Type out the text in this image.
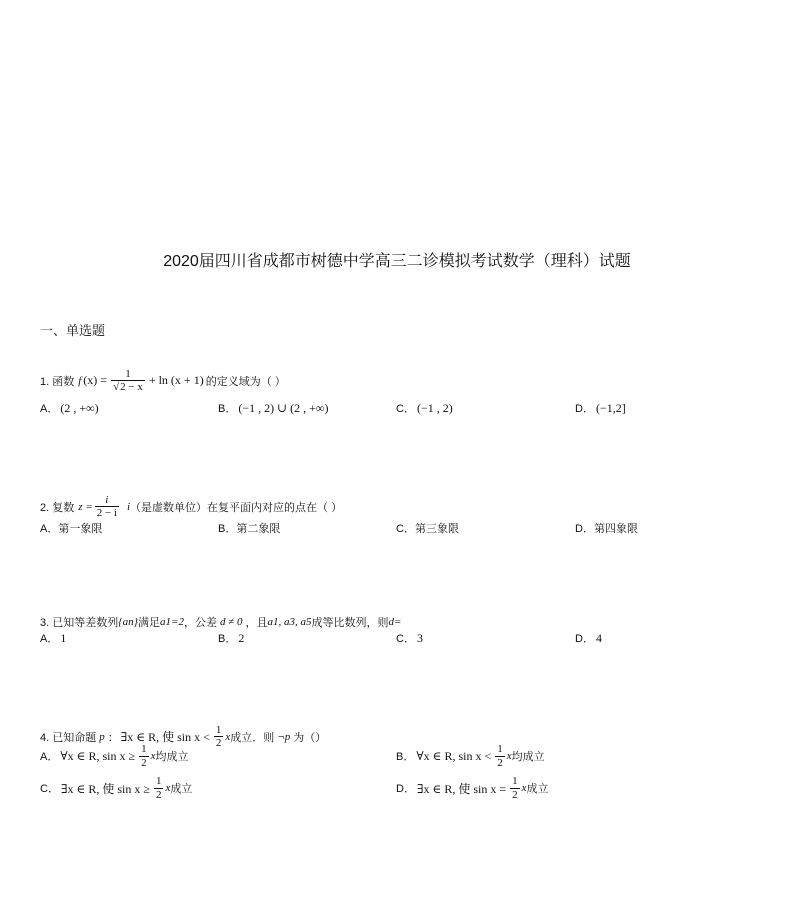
2020届四川省成都市树德中学高三二诊模拟考试数学（理科）试题
一、单选题
1. 函数 f $(x) = \frac{1}{√2 - x} + \ln (x + 1)$ 的定义域为（ ）
A． (2 , +∞)	B． (−1 , 2) ∪ (2 , +∞)	C． (−1 , 2)	D． (−1,2]
2. 复数 $z = \frac{i}{2 - i}$ i （是虚数单位）在复平面内对应的点在（ ）
A． 第一象限	B． 第二象限	C． 第三象限	D． 第四象限
3. 已知等差数列 {an} 满足 a1=2 ，公差 d ≠ 0 ，且 a1, a3, a5 成等比数列，则 d=
A． 1	B． 2	C． 3	D． 4
4. 已知命题 p ： ∃x ∈ R, 使 $\sin x < \frac{1}{2}$ x 成立．则 ¬p 为（）
A． ∀x ∈ R, $\sin x \ge \frac{1}{2}$ x 均成立	B． ∀x ∈ R, $\sin x < \frac{1}{2}$ x 均成立
C． ∃x ∈ R, 使 $\sin x \ge \frac{1}{2}$ x 成立	D． ∃x ∈ R, 使 $\sin x = \frac{1}{2}$ x 成立
